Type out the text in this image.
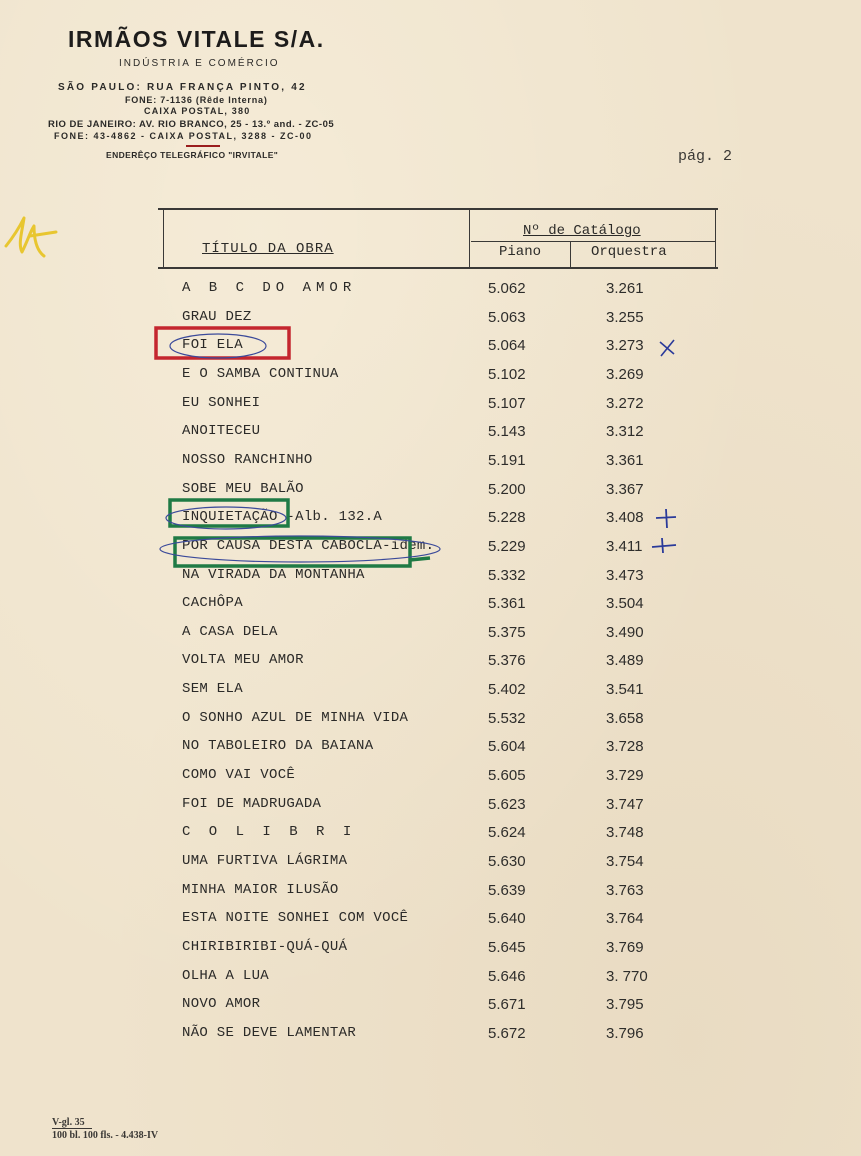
IRMÃOS VITALE S/A.
INDÚSTRIA E COMÉRCIO
SÃO PAULO: RUA FRANÇA PINTO, 42
FONE: 7-1136 (Rêde Interna)
CAIXA POSTAL, 380
RIO DE JANEIRO: AV. RIO BRANCO, 25 - 13.º and. - ZC-05
FONE: 43-4862 - CAIXA POSTAL, 3288 - ZC-00
ENDERÊÇO TELEGRÁFICO "IRVITALE"	pág. 2
TÍTULO DA OBRA
Nº de Catálogo
Piano	Orquestra
A B C DO AMOR	5.062	3.261
GRAU DEZ	5.063	3.255
FOI ELA	5.064	3.273
E O SAMBA CONTINUA	5.102	3.269
EU SONHEI	5.107	3.272
ANOITECEU	5.143	3.312
NOSSO RANCHINHO	5.191	3.361
SOBE MEU BALÃO	5.200	3.367
INQUIETAÇÃO -Alb. 132.A	5.228	3.408
POR CAUSA DESTA CABOCLA-idem.	5.229	3.411
NA VIRADA DA MONTANHA	5.332	3.473
CACHÔPA	5.361	3.504
A CASA DELA	5.375	3.490
VOLTA MEU AMOR	5.376	3.489
SEM ELA	5.402	3.541
O SONHO AZUL DE MINHA VIDA	5.532	3.658
NO TABOLEIRO DA BAIANA	5.604	3.728
COMO VAI VOCÊ	5.605	3.729
FOI DE MADRUGADA	5.623	3.747
C O L I B R I	5.624	3.748
UMA FURTIVA LÁGRIMA	5.630	3.754
MINHA MAIOR ILUSÃO	5.639	3.763
ESTA NOITE SONHEI COM VOCÊ	5.640	3.764
CHIRIBIRIBI-QUÁ-QUÁ	5.645	3.769
OLHA A LUA	5.646	3. 770
NOVO AMOR	5.671	3.795
NÃO SE DEVE LAMENTAR	5.672	3.796
V-gl. 35
100 bl. 100 fls. - 4.438-IV
